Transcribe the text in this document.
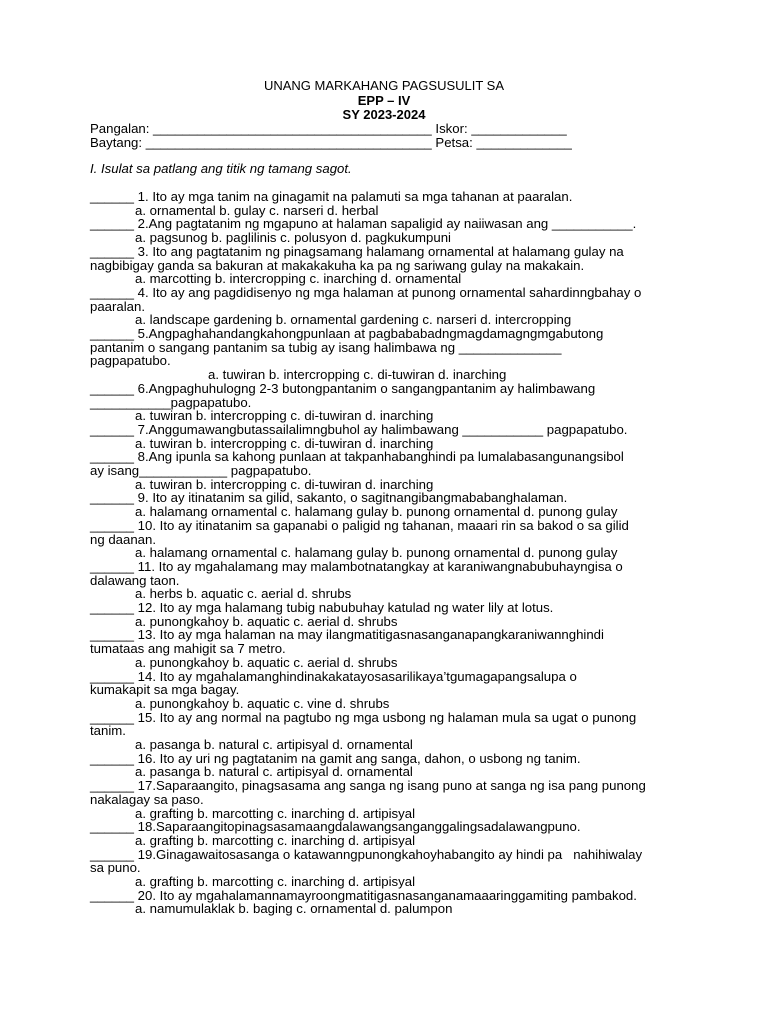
UNANG MARKAHANG PAGSUSULIT SA
EPP – IV
SY 2023-2024
Pangalan: ______________________________________ Iskor: _____________
Baytang: _______________________________________ Petsa: _____________
I. Isulat sa patlang ang titik ng tamang sagot.
______ 1. Ito ay mga tanim na ginagamit na palamuti sa mga tahanan at paaralan.
a. ornamental b. gulay c. narseri d. herbal
______ 2.Ang pagtatanim ng mgapuno at halaman sapaligid ay naiiwasan ang ___________.
a. pagsunog b. paglilinis c. polusyon d. pagkukumpuni
______ 3. Ito ang pagtatanim ng pinagsamang halamang ornamental at halamang gulay na
nagbibigay ganda sa bakuran at makakakuha ka pa ng sariwang gulay na makakain.
a. marcotting b. intercropping c. inarching d. ornamental
______ 4. Ito ay ang pagdidisenyo ng mga halaman at punong ornamental sahardinngbahay o
paaralan.
a. landscape gardening b. ornamental gardening c. narseri d. intercropping
______ 5.Angpaghahandangkahongpunlaan at pagbababadngmagdamagngmgabutong
pantanim o sangang pantanim sa tubig ay isang halimbawa ng ______________
pagpapatubo.
a. tuwiran b. intercropping c. di-tuwiran d. inarching
______ 6.Angpaghuhulogng 2-3 butongpantanim o sangangpantanim ay halimbawang
___________pagpapatubo.
a. tuwiran b. intercropping c. di-tuwiran d. inarching
______ 7.Anggumawangbutassailalimngbuhol ay halimbawang ___________ pagpapatubo.
a. tuwiran b. intercropping c. di-tuwiran d. inarching
______ 8.Ang ipunla sa kahong punlaan at takpanhabanghindi pa lumalabasangunangsibol
ay isang____________ pagpapatubo.
a. tuwiran b. intercropping c. di-tuwiran d. inarching
______ 9. Ito ay itinatanim sa gilid, sakanto, o sagitnangibangmababanghalaman.
a. halamang ornamental c. halamang gulay b. punong ornamental d. punong gulay
______ 10. Ito ay itinatanim sa gapanabi o paligid ng tahanan, maaari rin sa bakod o sa gilid
ng daanan.
a. halamang ornamental c. halamang gulay b. punong ornamental d. punong gulay
______ 11. Ito ay mgahalamang may malambotnatangkay at karaniwangnabubuhayngisa o
dalawang taon.
a. herbs b. aquatic c. aerial d. shrubs
______ 12. Ito ay mga halamang tubig nabubuhay katulad ng water lily at lotus.
a. punongkahoy b. aquatic c. aerial d. shrubs
______ 13. Ito ay mga halaman na may ilangmatitigasnasanganapangkaraniwannghindi
tumataas ang mahigit sa 7 metro.
a. punongkahoy b. aquatic c. aerial d. shrubs
______ 14. Ito ay mgahalamanghindinakakatayosasarilikaya’tgumagapangsalupa o
kumakapit sa mga bagay.
a. punongkahoy b. aquatic c. vine d. shrubs
______ 15. Ito ay ang normal na pagtubo ng mga usbong ng halaman mula sa ugat o punong
tanim.
a. pasanga b. natural c. artipisyal d. ornamental
______ 16. Ito ay uri ng pagtatanim na gamit ang sanga, dahon, o usbong ng tanim.
a. pasanga b. natural c. artipisyal d. ornamental
______ 17.Saparaangito, pinagsasama ang sanga ng isang puno at sanga ng isa pang punong
nakalagay sa paso.
a. grafting b. marcotting c. inarching d. artipisyal
______ 18.Saparaangitopinagsasamaangdalawangsanganggalingsadalawangpuno.
a. grafting b. marcotting c. inarching d. artipisyal
______ 19.Ginagawaitosasanga o katawanngpunongkahoyhabangito ay hindi pa   nahihiwalay
sa puno.
a. grafting b. marcotting c. inarching d. artipisyal
______ 20. Ito ay mgahalamannamayroongmatitigasnasanganamaaaringgamiting pambakod.
a. namumulaklak b. baging c. ornamental d. palumpon
